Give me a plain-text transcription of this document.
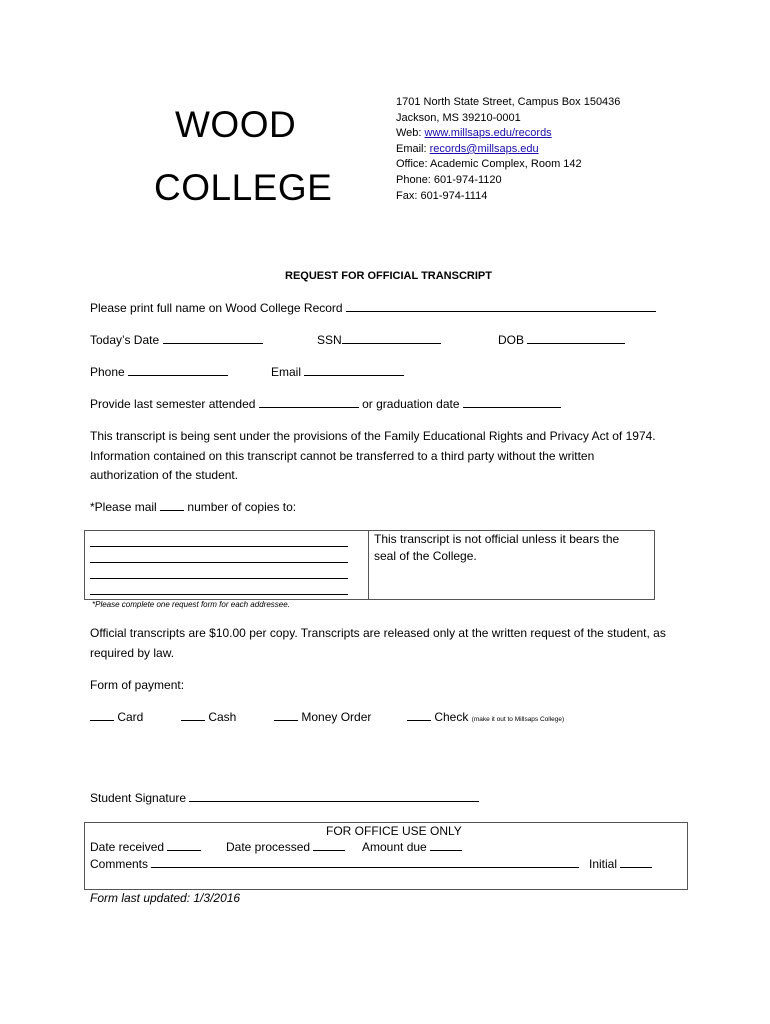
WOOD
COLLEGE
1701 North State Street, Campus Box 150436
Jackson, MS 39210-0001
Web: www.millsaps.edu/records
Email: records@millsaps.edu
Office: Academic Complex, Room 142
Phone: 601-974-1120
Fax: 601-974-1114
REQUEST FOR OFFICIAL TRANSCRIPT
Please print full name on Wood College Record
Today’s Date	SSN	DOB
Phone	Email
Provide last semester attended	or graduation date
This transcript is being sent under the provisions of the Family Educational Rights and Privacy Act of 1974.
Information contained on this transcript cannot be transferred to a third party without the written
authorization of the student.
*Please mail	number of copies to:
This transcript is not official unless it bears the seal of the College.
*Please complete one request form for each addressee.
Official transcripts are $10.00 per copy. Transcripts are released only at the written request of the student, as
required by law.
Form of payment:
Card	Cash	Money Order	Check (make it out to Millsaps College)
Student Signature
FOR OFFICE USE ONLY
Date received	Date processed	Amount due
Comments	Initial
Form last updated: 1/3/2016
